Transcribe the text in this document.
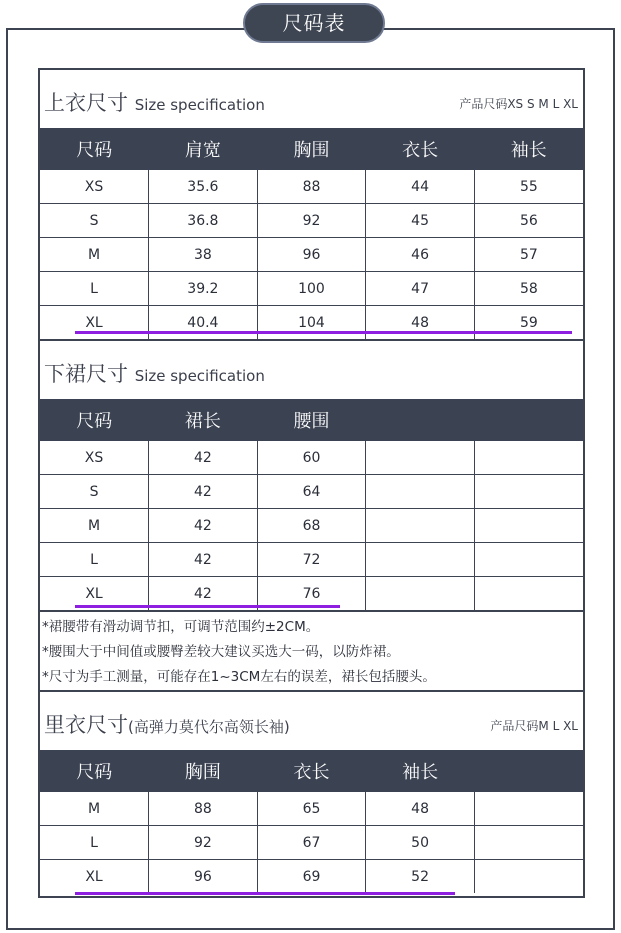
尺码表
上衣尺寸 Size specification	产品尺码XS S M L XL
尺码	肩宽	胸围	衣长	袖长
XS	35.6	88	44	55
S	36.8	92	45	56
M	38	96	46	57
L	39.2	100	47	58
XL	40.4	104	48	59
下裙尺寸 Size specification
尺码	裙长	腰围		
XS	42	60		
S	42	64		
M	42	68		
L	42	72		
XL	42	76		
*裙腰带有滑动调节扣，可调节范围约±2CM。
*腰围大于中间值或腰臀差较大建议买选大一码，以防炸裙。
*尺寸为手工测量，可能存在1~3CM左右的误差，裙长包括腰头。
里衣尺寸(高弹力莫代尔高领长袖)	产品尺码M L XL
尺码	胸围	衣长	袖长	
M	88	65	48	
L	92	67	50	
XL	96	69	52	
